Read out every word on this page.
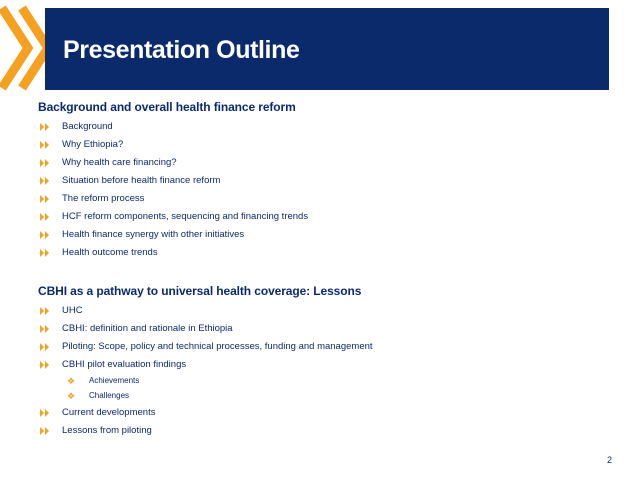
Presentation Outline
Background and overall health finance reform
Background
Why Ethiopia?
Why health care financing?
Situation before health finance reform
The reform process
HCF reform components, sequencing and financing trends
Health finance synergy with other initiatives
Health outcome trends
CBHI as a pathway to universal health coverage: Lessons
UHC
CBHI: definition and rationale in Ethiopia
Piloting: Scope, policy and technical processes, funding and management
CBHI pilot evaluation findings
❖ Achievements
❖ Challenges
Current developments
Lessons from piloting
2
